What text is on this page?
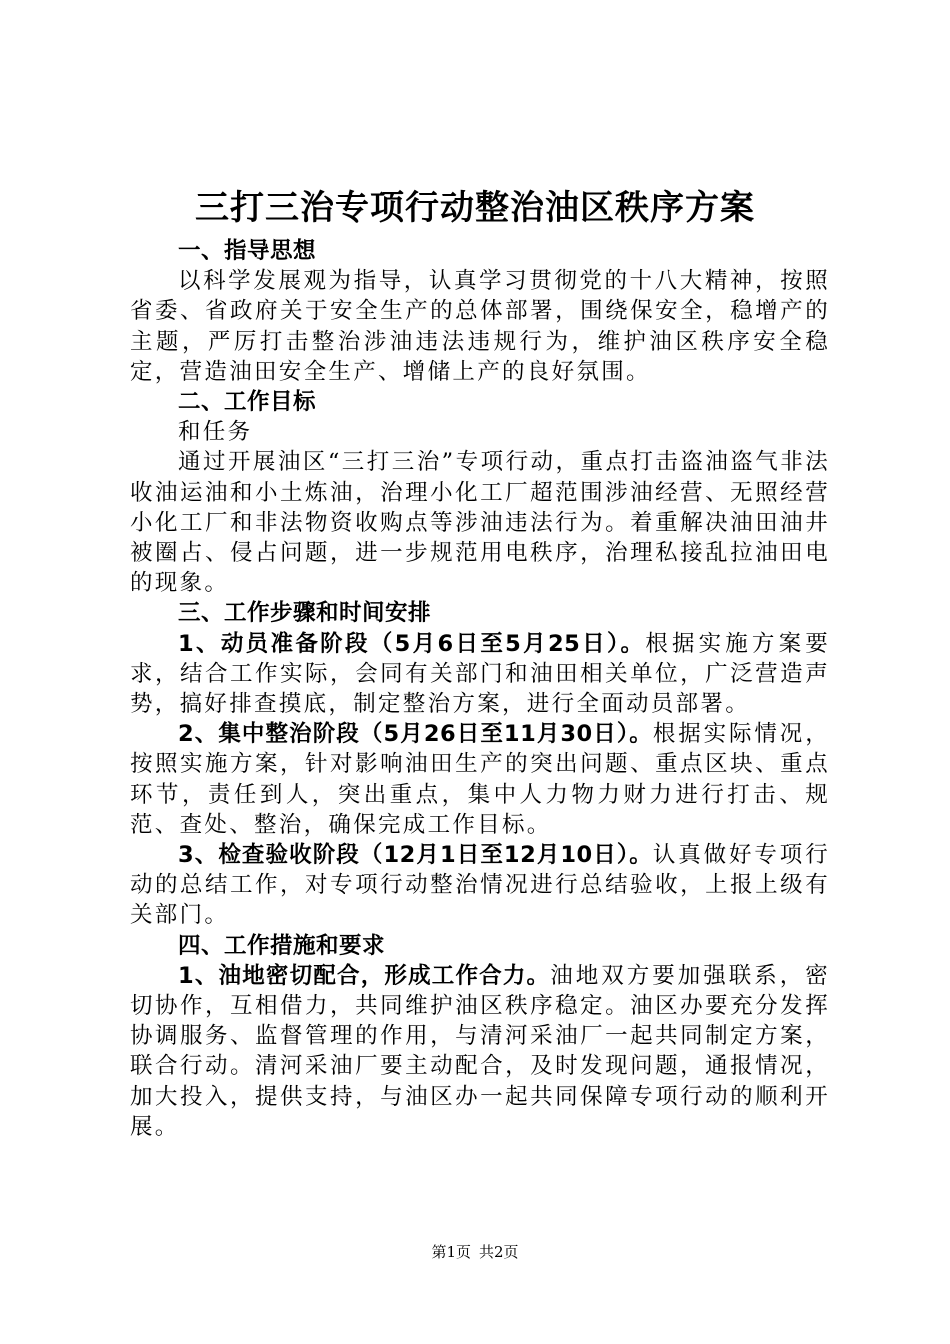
三打三治专项行动整治油区秩序方案

一、指导思想

以科学发展观为指导，认真学习贯彻党的十八大精神，按照省委、省政府关于安全生产的总体部署，围绕保安全，稳增产的主题，严厉打击整治涉油违法违规行为，维护油区秩序安全稳定，营造油田安全生产、增储上产的良好氛围。

二、工作目标

和任务

通过开展油区“三打三治”专项行动，重点打击盗油盗气非法收油运油和小土炼油，治理小化工厂超范围涉油经营、无照经营小化工厂和非法物资收购点等涉油违法行为。着重解决油田油井被圈占、侵占问题，进一步规范用电秩序，治理私接乱拉油田电的现象。

三、工作步骤和时间安排

1、动员准备阶段（5月6日至5月25日）。根据实施方案要求，结合工作实际，会同有关部门和油田相关单位，广泛营造声势，搞好排查摸底，制定整治方案，进行全面动员部署。

2、集中整治阶段（5月26日至11月30日）。根据实际情况，按照实施方案，针对影响油田生产的突出问题、重点区块、重点环节，责任到人，突出重点，集中人力物力财力进行打击、规范、查处、整治，确保完成工作目标。

3、检查验收阶段（12月1日至12月10日）。认真做好专项行动的总结工作，对专项行动整治情况进行总结验收，上报上级有关部门。

四、工作措施和要求

1、油地密切配合，形成工作合力。油地双方要加强联系，密切协作，互相借力，共同维护油区秩序稳定。油区办要充分发挥协调服务、监督管理的作用，与清河采油厂一起共同制定方案，联合行动。清河采油厂要主动配合，及时发现问题，通报情况，加大投入，提供支持，与油区办一起共同保障专项行动的顺利开展。

第1页 共2页
